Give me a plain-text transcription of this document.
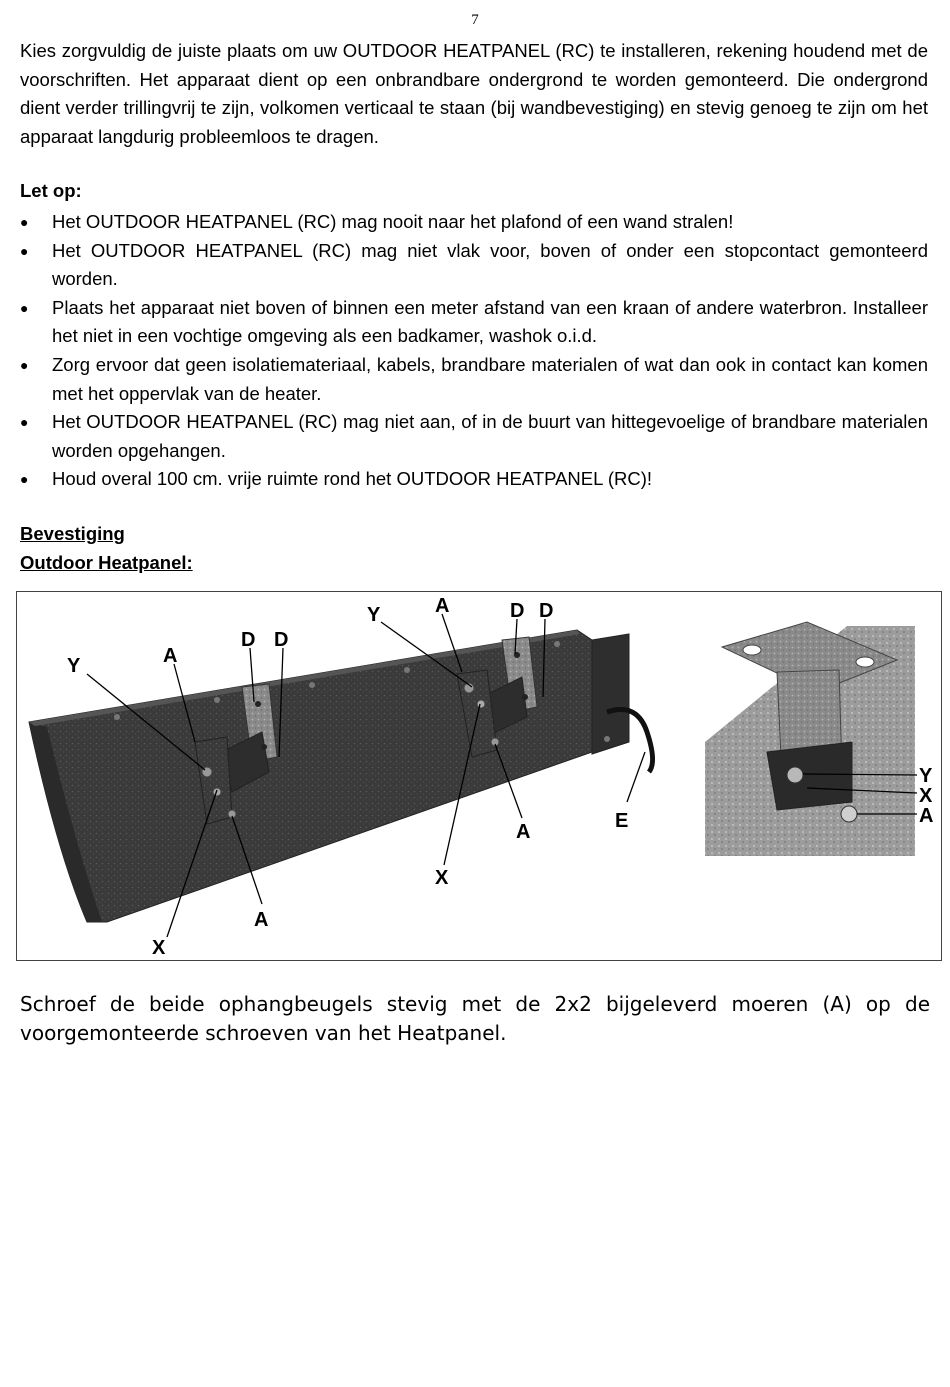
7

Kies zorgvuldig de juiste plaats om uw OUTDOOR HEATPANEL (RC) te installeren, rekening houdend met de voorschriften. Het apparaat dient op een onbrandbare ondergrond te worden gemonteerd. Die ondergrond dient verder trillingvrij te zijn, volkomen verticaal te staan (bij wandbevestiging) en stevig genoeg te zijn om het apparaat langdurig probleemloos te dragen.

Let op:

● Het OUTDOOR HEATPANEL (RC) mag nooit naar het plafond of een wand stralen!
● Het OUTDOOR HEATPANEL (RC) mag niet vlak voor, boven of onder een stopcontact gemonteerd worden.
● Plaats het apparaat niet boven of binnen een meter afstand van een kraan of andere waterbron. Installeer het niet in een vochtige omgeving als een badkamer, washok o.i.d.
● Zorg ervoor dat geen isolatiemateriaal, kabels, brandbare materialen of wat dan ook in contact kan komen met het oppervlak van de heater.
● Het OUTDOOR HEATPANEL (RC) mag niet aan, of in de buurt van hittegevoelige of brandbare materialen worden opgehangen.
● Houd overal 100 cm. vrije ruimte rond het OUTDOOR HEATPANEL (RC)!

Bevestiging

Outdoor Heatpanel:

Y	A
D D
Y	A	D D
X
A
X
A	E
Y
X
A

Schroef de beide ophangbeugels stevig met de 2x2 bijgeleverd moeren (A) op de voorgemonteerde schroeven van het Heatpanel.
